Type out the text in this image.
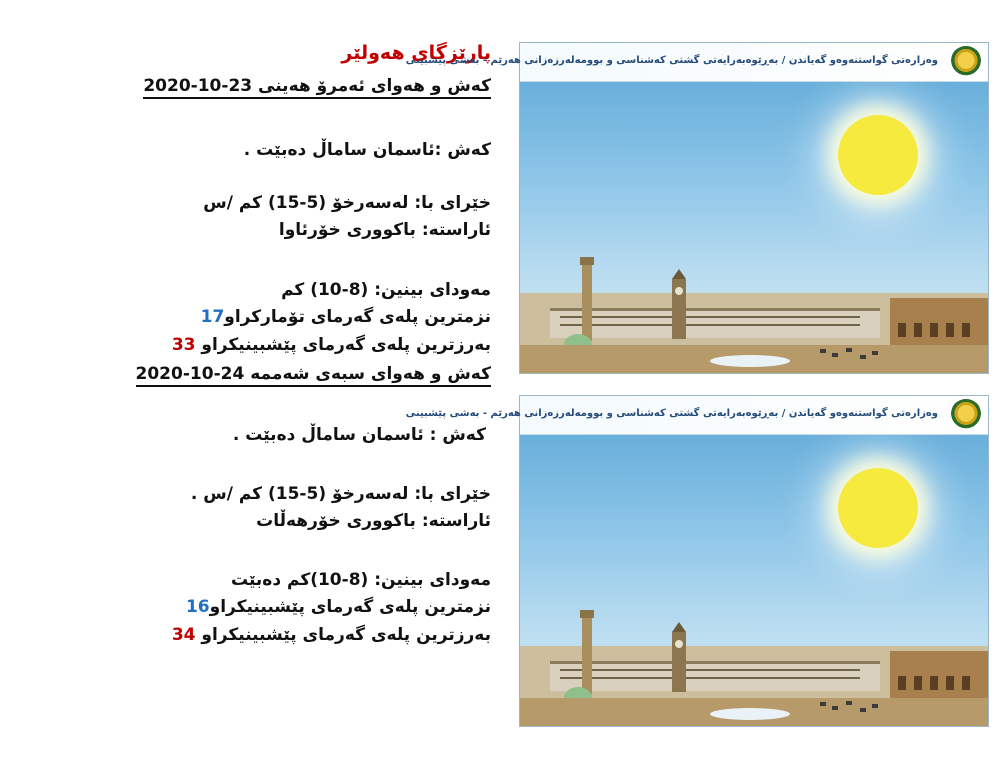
پارێزگای هەولێر
کەش و هەوای ئەمرۆ هەینی 23-10-2020
کەش :ئاسمان ساماڵ دەبێت .
خێرای با: لەسەرخۆ (5-15) کم /س
ئاراستە: باکووری خۆرئاوا
مەودای بینین: (8-10) کم
نزمترین پلەی گەرمای تۆمارکراو17
بەرزترین پلەی گەرمای پێشبینیکراو 33
کەش و هەوای سبەی شەممە 24-10-2020
کەش : ئاسمان ساماڵ دەبێت .
خێرای با: لەسەرخۆ (5-15) کم /س .
ئاراستە: باکووری خۆرهەڵات
مەودای بینین: (8-10)کم دەبێت
نزمترین پلەی گەرمای پێشبینیکراو16
بەرزترین پلەی گەرمای پێشبینیکراو 34
وەزارەتی گواستنەوەو گەیاندن / بەڕێوەبەرایەتی گشتی کەشناسی و بوومەلەرزەزانی هەرێم - بەشی پێشبینی
وەزارەتی گواستنەوەو گەیاندن / بەڕێوەبەرایەتی گشتی کەشناسی و بوومەلەرزەزانی هەرێم - بەشی پێشبینی
